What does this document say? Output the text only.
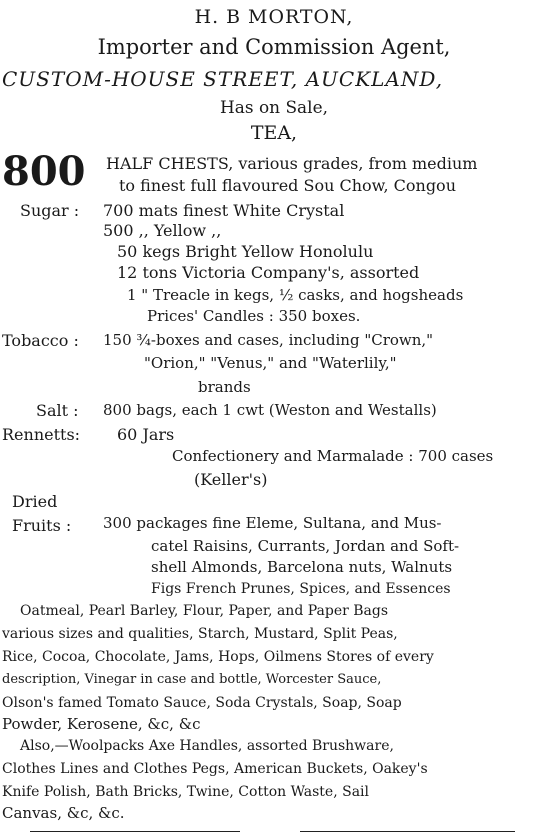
H. B MORTON,
Importer and Commission Agent,
CUSTOM-HOUSE STREET, AUCKLAND,
Has on Sale,
TEA,
800 HALF CHESTS, various grades, from medium
to finest full flavoured Sou Chow, Congou
Sugar : 700 mats finest White Crystal
500 ,, Yellow ,,
50 kegs Bright Yellow Honolulu
12 tons Victoria Company's, assorted
1 " Treacle in kegs, ½ casks, and hogsheads
Prices' Candles : 350 boxes.
Tobacco : 150 ¾-boxes and cases, including "Crown,"
"Orion," "Venus," and "Waterlily,"
brands
Salt : 800 bags, each 1 cwt (Weston and Westalls)
Rennetts: 60 Jars
Confectionery and Marmalade : 700 cases
(Keller's)
Dried
Fruits : 300 packages fine Eleme, Sultana, and Mus-
catel Raisins, Currants, Jordan and Soft-
shell Almonds, Barcelona nuts, Walnuts
Figs French Prunes, Spices, and Essences
Oatmeal, Pearl Barley, Flour, Paper, and Paper Bags
various sizes and qualities, Starch, Mustard, Split Peas,
Rice, Cocoa, Chocolate, Jams, Hops, Oilmens Stores of every
description, Vinegar in case and bottle, Worcester Sauce,
Olson's famed Tomato Sauce, Soda Crystals, Soap, Soap
Powder, Kerosene, &c, &c
Also,—Woolpacks Axe Handles, assorted Brushware,
Clothes Lines and Clothes Pegs, American Buckets, Oakey's
Knife Polish, Bath Bricks, Twine, Cotton Waste, Sail
Canvas, &c, &c.
